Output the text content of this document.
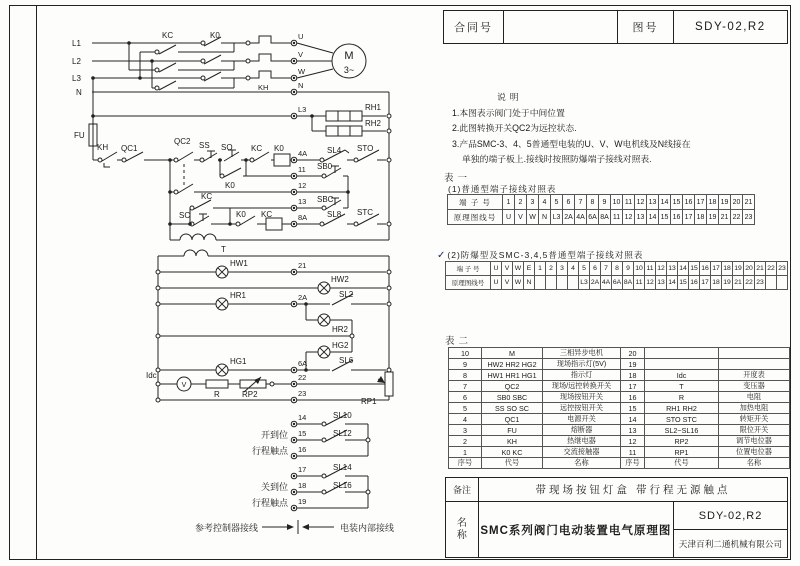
U
V
W
N
L3
4A
11
12
13
8A
21
2A
6A
22
23
14
15
16
17
18
19
L1
L2
L3
N
KC	K0
KH
RH1
RH2
FU
KH QC1
QC2 SS SO KC K0	SL4 STO
K0
SB0
SBC
KC
SC	K0 KC	SL8 STC
T
HW1
HW2
HR1	SL2
HR2
HG2
HG1	SL6
Idc
R	RP2
RP1
SL10
SL12
SL14
SL16
开到位
行程触点
关到位
行程触点
参考控制器接线	电装内部接线
V
M
3~
合同号	图号	SDY-02,R2
说明
1.本图表示阀门处于中间位置
2.此图转换开关QC2为远控状态.
3.产品SMC-3、4、5普通型电装的U、V、W电机线及N线接在
单独的端子板上.接线时按照防爆端子接线对照表.
表一
(1)普通型端子接线对照表
端 子 号	1	2	3	4	5	6	7	8	9	10	11	12	13	14	15	16	17	18	19	20	21
原理图线号	U	V	W	N	L3	2A	4A	6A	8A	11	12	13	14	15	16	17	18	19	21	22	23
✓(2)防爆型及SMC-3,4,5普通型端子接线对照表
端 子 号	U	V	W	E	1	2	3	4	5	6	7	8	9	10	11	12	13	14	15	16	17	18	19	20	21	22	23
原理图线号	U	V	W	N					L3	2A	4A	6A	8A	11	12	13	14	15	16	17	18	19	21	22	23		
表二
10	M	三相异步电机	20		
9	HW2 HR2 HG2	现场指示灯(5V)	19		
8	HW1 HR1 HG1	指示灯	18	Idc	开度表
7	QC2	现场/远控转换开关	17	T	变压器
6	SB0 SBC	现场按钮开关	16	R	电阻
5	SS SO SC	远控按钮开关	15	RH1 RH2	加热电阻
4	QC1	电源开关	14	STO STC	转矩开关
3	FU	熔断器	13	SL2~SL16	限位开关
2	KH	热继电器	12	RP2	调节电位器
1	K0 KC	交流接触器	11	RP1	位置电位器
序号	代号	名称	序号	代号	名称
备注	带现场按钮灯盒 带行程无源触点
名
称 SMC系列阀门电动装置电气原理图
SDY-02,R2
天津百利二通机械有限公司
